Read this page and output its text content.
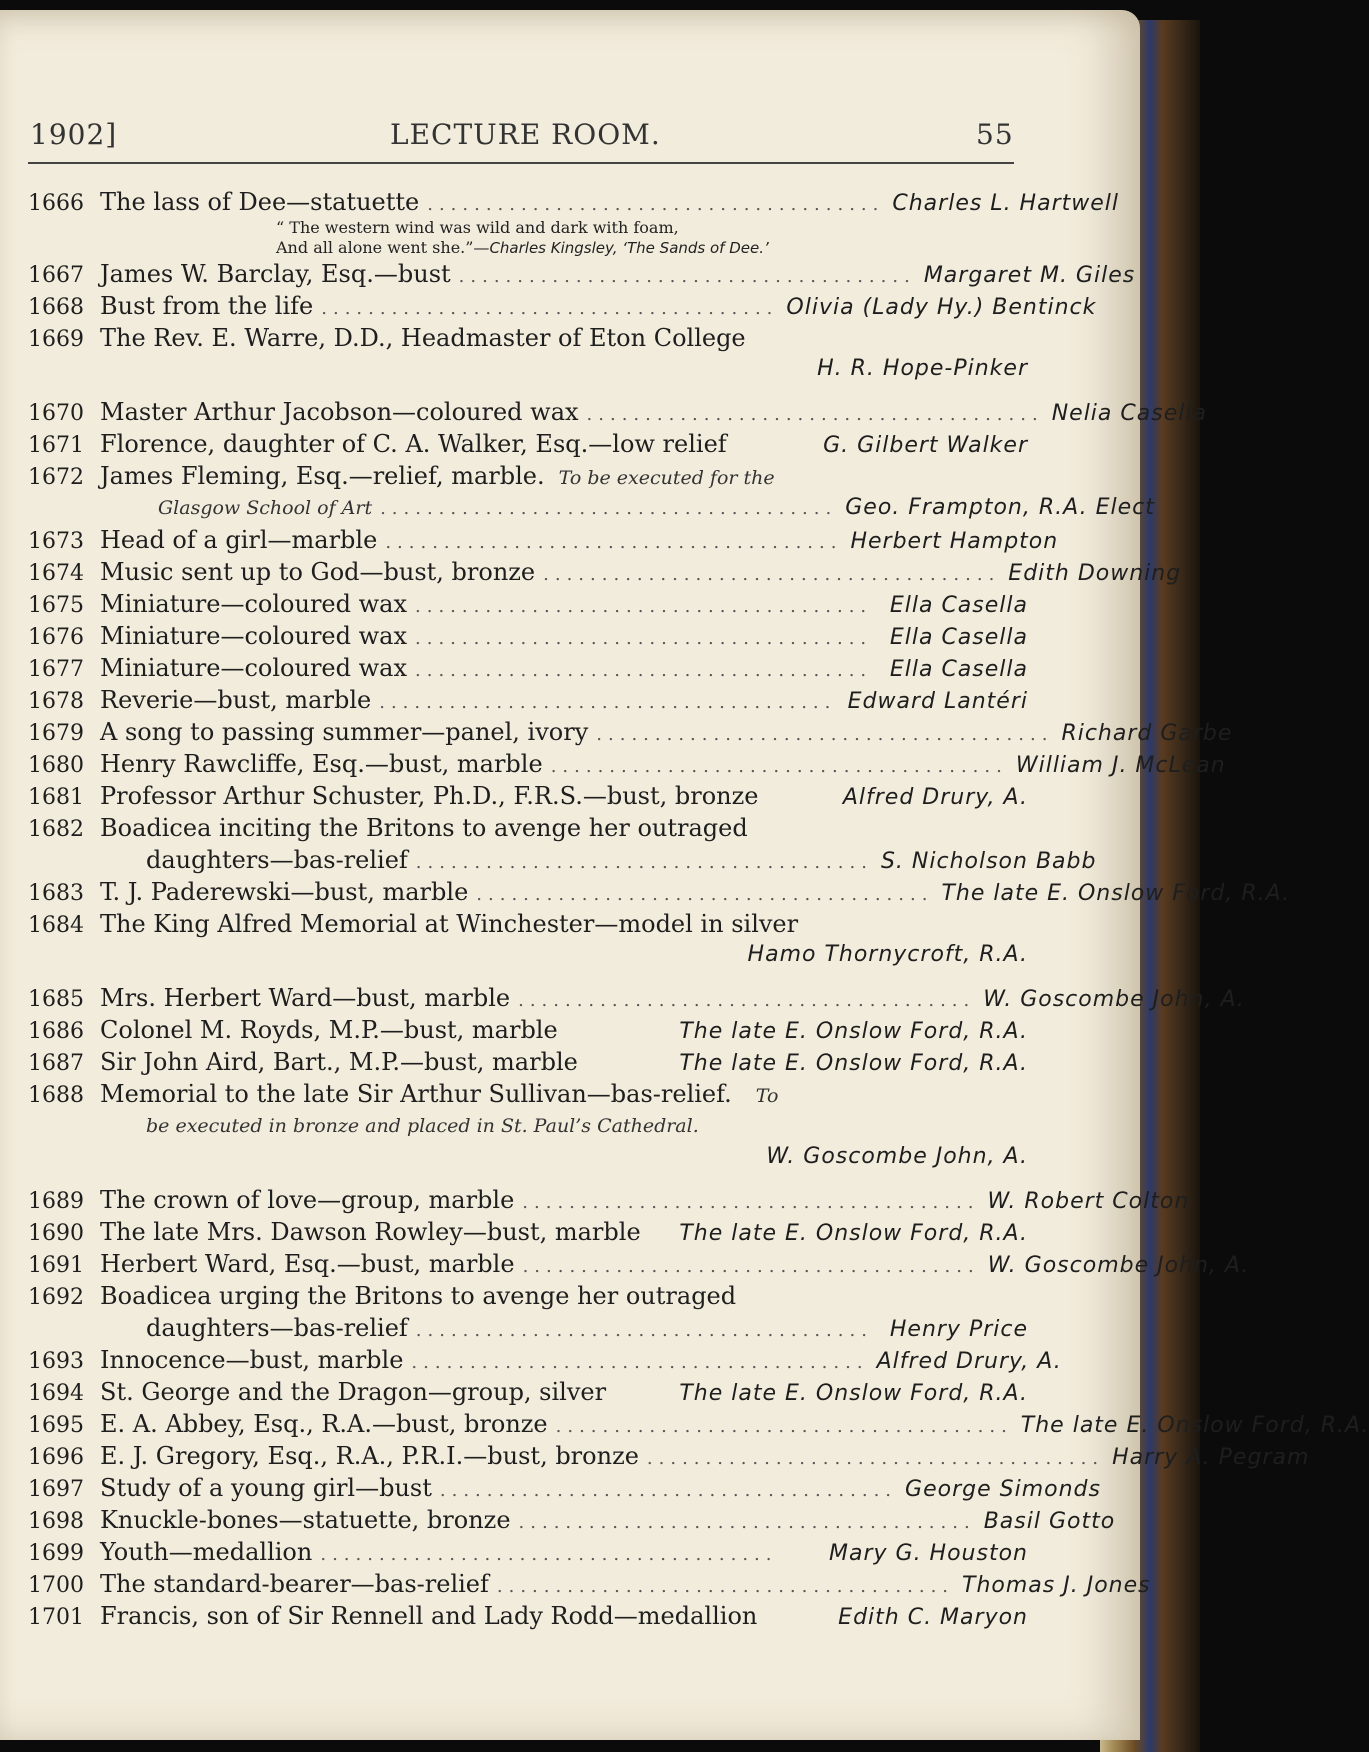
1902]	LECTURE ROOM.	55
1666 The lass of Dee—statuette ....................................... Charles L. Hartwell
“ The western wind was wild and dark with foam,
And all alone went she.”—Charles Kingsley, ‘The Sands of Dee.’
1667 James W. Barclay, Esq.—bust ....................................... Margaret M. Giles
1668 Bust from the life ....................................... Olivia (Lady Hy.) Bentinck
1669 The Rev. E. Warre, D.D., Headmaster of Eton College
H. R. Hope-Pinker
1670 Master Arthur Jacobson—coloured wax ....................................... Nelia Casella
1671 Florence, daughter of C. A. Walker, Esq.—low relief	G. Gilbert Walker
1672 James Fleming, Esq.—relief, marble. To be executed for the
Glasgow School of Art ....................................... Geo. Frampton, R.A. Elect
1673 Head of a girl—marble ....................................... Herbert Hampton
1674 Music sent up to God—bust, bronze ....................................... Edith Downing
1675 Miniature—coloured wax ....................................... Ella Casella
1676 Miniature—coloured wax ....................................... Ella Casella
1677 Miniature—coloured wax ....................................... Ella Casella
1678 Reverie—bust, marble ....................................... Edward Lantéri
1679 A song to passing summer—panel, ivory ....................................... Richard Garbe
1680 Henry Rawcliffe, Esq.—bust, marble ....................................... William J. McLean
1681 Professor Arthur Schuster, Ph.D., F.R.S.—bust, bronze	Alfred Drury, A.
1682 Boadicea inciting the Britons to avenge her outraged
daughters—bas-relief ....................................... S. Nicholson Babb
1683 T. J. Paderewski—bust, marble ....................................... The late E. Onslow Ford, R.A.
1684 The King Alfred Memorial at Winchester—model in silver
Hamo Thornycroft, R.A.
1685 Mrs. Herbert Ward—bust, marble ....................................... W. Goscombe John, A.
1686 Colonel M. Royds, M.P.—bust, marble	The late E. Onslow Ford, R.A.
1687 Sir John Aird, Bart., M.P.—bust, marble	The late E. Onslow Ford, R.A.
1688 Memorial to the late Sir Arthur Sullivan—bas-relief.	To
be executed in bronze and placed in St. Paul’s Cathedral.
W. Goscombe John, A.
1689 The crown of love—group, marble ....................................... W. Robert Colton
1690 The late Mrs. Dawson Rowley—bust, marble The late E. Onslow Ford, R.A.
1691 Herbert Ward, Esq.—bust, marble ....................................... W. Goscombe John, A.
1692 Boadicea urging the Britons to avenge her outraged
daughters—bas-relief ....................................... Henry Price
1693 Innocence—bust, marble ....................................... Alfred Drury, A.
1694 St. George and the Dragon—group, silver	The late E. Onslow Ford, R.A.
1695 E. A. Abbey, Esq., R.A.—bust, bronze ....................................... The late E. Onslow Ford, R.A.
1696 E. J. Gregory, Esq., R.A., P.R.I.—bust, bronze ....................................... Harry A. Pegram
1697 Study of a young girl—bust ....................................... George Simonds
1698 Knuckle-bones—statuette, bronze ....................................... Basil Gotto
1699 Youth—medallion .......................................	Mary G. Houston
1700 The standard-bearer—bas-relief ....................................... Thomas J. Jones
1701 Francis, son of Sir Rennell and Lady Rodd—medallion	Edith C. Maryon
